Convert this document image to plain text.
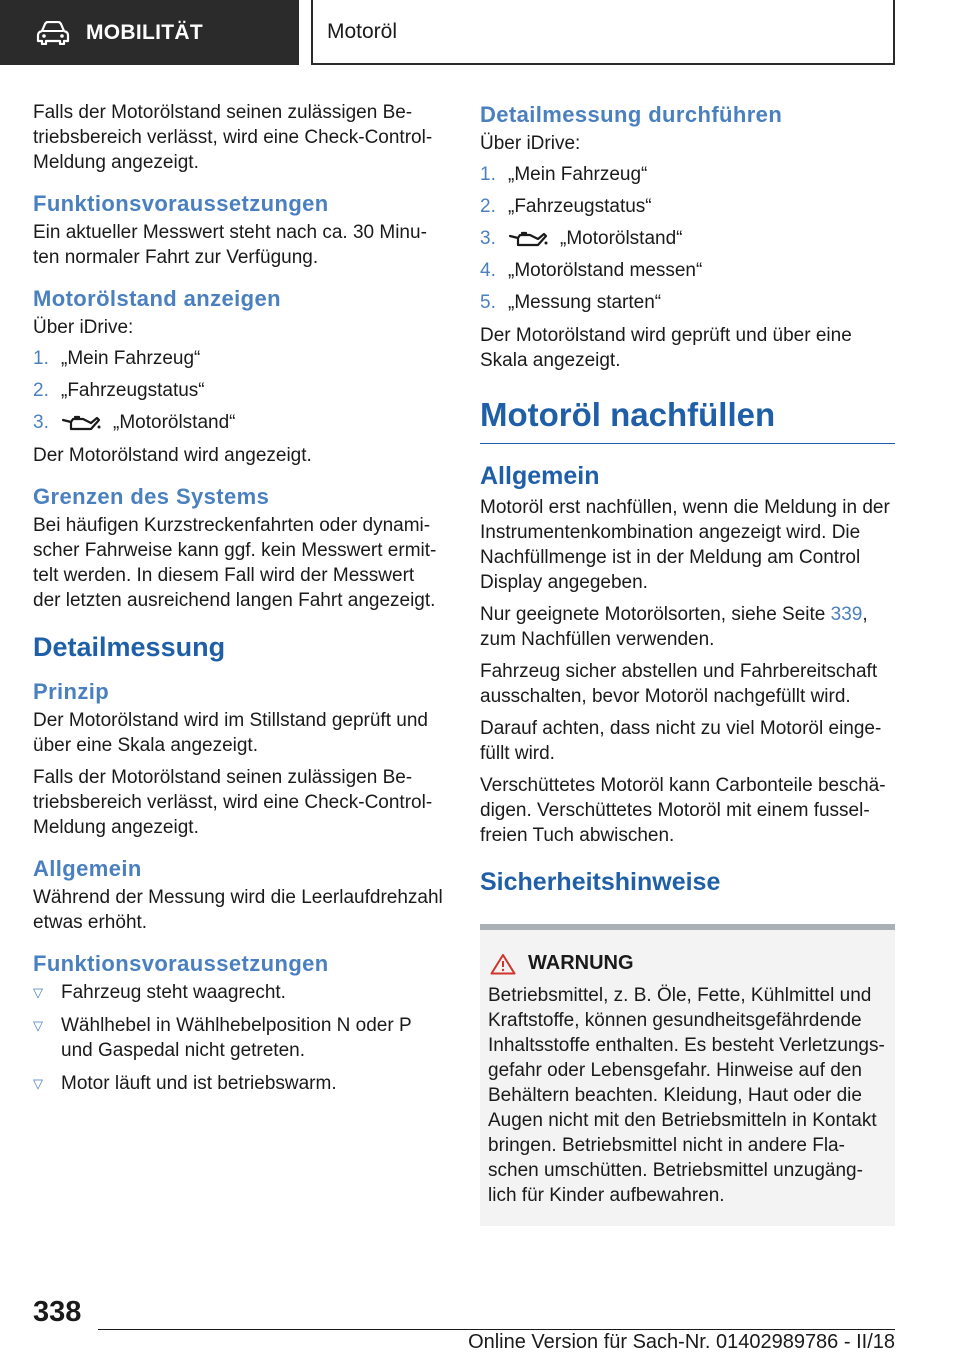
MOBILITÄT	Motoröl

Falls der Motorölstand seinen zulässigen Be-triebsbereich verlässt, wird eine Check-Control-Meldung angezeigt.

Funktionsvoraussetzungen

Ein aktueller Messwert steht nach ca. 30 Minu-ten normaler Fahrt zur Verfügung.

Motorölstand anzeigen

Über iDrive:

1. „Mein Fahrzeug“
2. „Fahrzeugstatus“
3.	„Motorölstand“

Der Motorölstand wird angezeigt.

Grenzen des Systems

Bei häufigen Kurzstreckenfahrten oder dynami-scher Fahrweise kann ggf. kein Messwert ermit-telt werden. In diesem Fall wird der Messwert der letzten ausreichend langen Fahrt angezeigt.

Detailmessung
Prinzip

Der Motorölstand wird im Stillstand geprüft und über eine Skala angezeigt.

Falls der Motorölstand seinen zulässigen Be-triebsbereich verlässt, wird eine Check-Control-Meldung angezeigt.

Allgemein

Während der Messung wird die Leerlaufdrehzahl etwas erhöht.

Funktionsvoraussetzungen
▽ Fahrzeug steht waagrecht.
▽ Wählhebel in Wählhebelposition N oder P und Gaspedal nicht getreten.
▽ Motor läuft und ist betriebswarm.
Detailmessung durchführen

Über iDrive:

1. „Mein Fahrzeug“
2. „Fahrzeugstatus“
3.	„Motorölstand“
4. „Motorölstand messen“
5. „Messung starten“

Der Motorölstand wird geprüft und über eine Skala angezeigt.

Motoröl nachfüllen
Allgemein

Motoröl erst nachfüllen, wenn die Meldung in der Instrumentenkombination angezeigt wird. Die Nachfüllmenge ist in der Meldung am Control Display angegeben.

Nur geeignete Motorölsorten, siehe Seite 339, zum Nachfüllen verwenden.

Fahrzeug sicher abstellen und Fahrbereitschaft ausschalten, bevor Motoröl nachgefüllt wird.

Darauf achten, dass nicht zu viel Motoröl einge-füllt wird.

Verschüttetes Motoröl kann Carbonteile beschä-digen. Verschüttetes Motoröl mit einem fussel-freien Tuch abwischen.

Sicherheitshinweise
WARNUNG

Betriebsmittel, z. B. Öle, Fette, Kühlmittel und Kraftstoffe, können gesundheitsgefährdende Inhaltsstoffe enthalten. Es besteht Verletzungs-gefahr oder Lebensgefahr. Hinweise auf den Behältern beachten. Kleidung, Haut oder die Augen nicht mit den Betriebsmitteln in Kontakt bringen. Betriebsmittel nicht in andere Fla-schen umschütten. Betriebsmittel unzugäng-lich für Kinder aufbewahren.

338
Online Version für Sach-Nr. 01402989786 - II/18
